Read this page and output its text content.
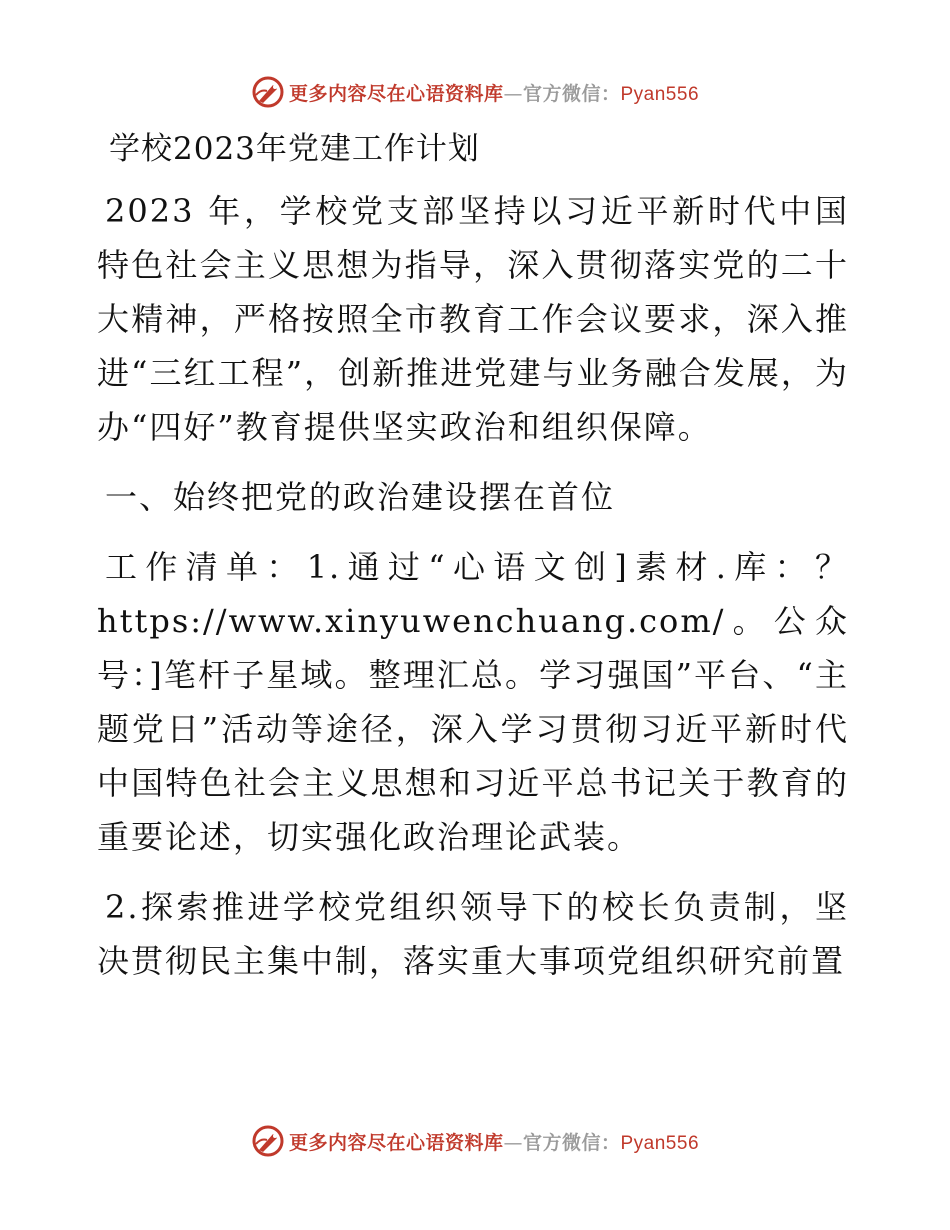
更多内容尽在心语资料库—官方微信：Pyan556
学校2023年党建工作计划

2023 年，学校党支部坚持以习近平新时代中国特色社会主义思想为指导，深入贯彻落实党的二十大精神，严格按照全市教育工作会议要求，深入推进“三红工程”，创新推进党建与业务融合发展，为办“四好”教育提供坚实政治和组织保障。

一、始终把党的政治建设摆在首位

工作清单：1.通过“心语文创]素材.库：？https://www.xinyuwenchuang.com/。公众号：]笔杆子星域。整理汇总。学习强国”平台、“主题党日”活动等途径，深入学习贯彻习近平新时代中国特色社会主义思想和习近平总书记关于教育的重要论述，切实强化政治理论武装。

2.探索推进学校党组织领导下的校长负责制，坚决贯彻民主集中制，落实重大事项党组织研究前置

更多内容尽在心语资料库—官方微信：Pyan556
